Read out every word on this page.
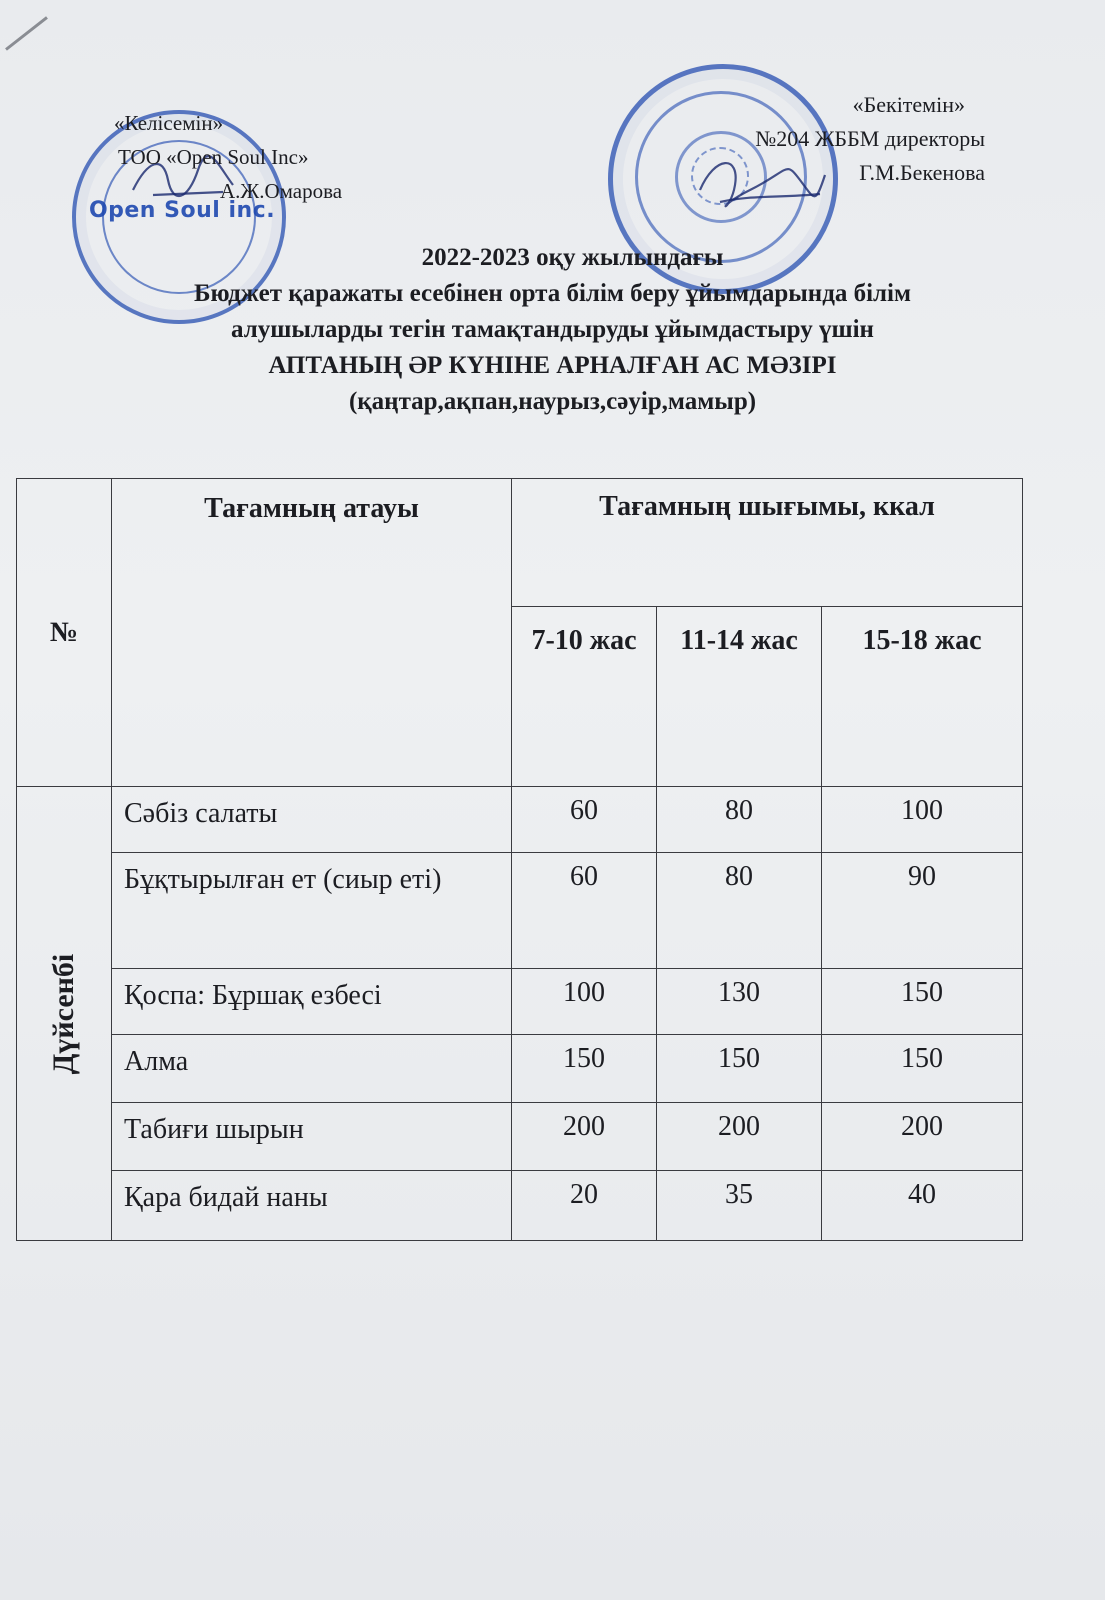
Open Soul inc.
«Келісемін»
ТОО «Open Soul Inc»
А.Ж.Омарова
«Бекітемін»
№204 ЖББМ директоры
Г.М.Бекенова
2022-2023 оқу жылындағы
Бюджет қаражаты есебінен орта білім беру ұйымдарында білім
алушыларды тегін тамақтандыруды ұйымдастыру үшін
АПТАНЫҢ ӘР КҮНІНЕ АРНАЛҒАН АС МӘЗІРІ
(қаңтар,ақпан,наурыз,сәуір,мамыр)
№	Тағамның атауы	Тағамның шығымы, ккал		
		7-10 жас	11-14 жас	15-18 жас

Дүйсенбі	Сәбіз салаты	60	80	100
	Бұқтырылған ет (сиыр еті)	60	80	90
	Қоспа: Бұршақ езбесі	100	130	150
	Алма	150	150	150
	Табиғи шырын	200	200	200
	Қара бидай наны	20	35	40
